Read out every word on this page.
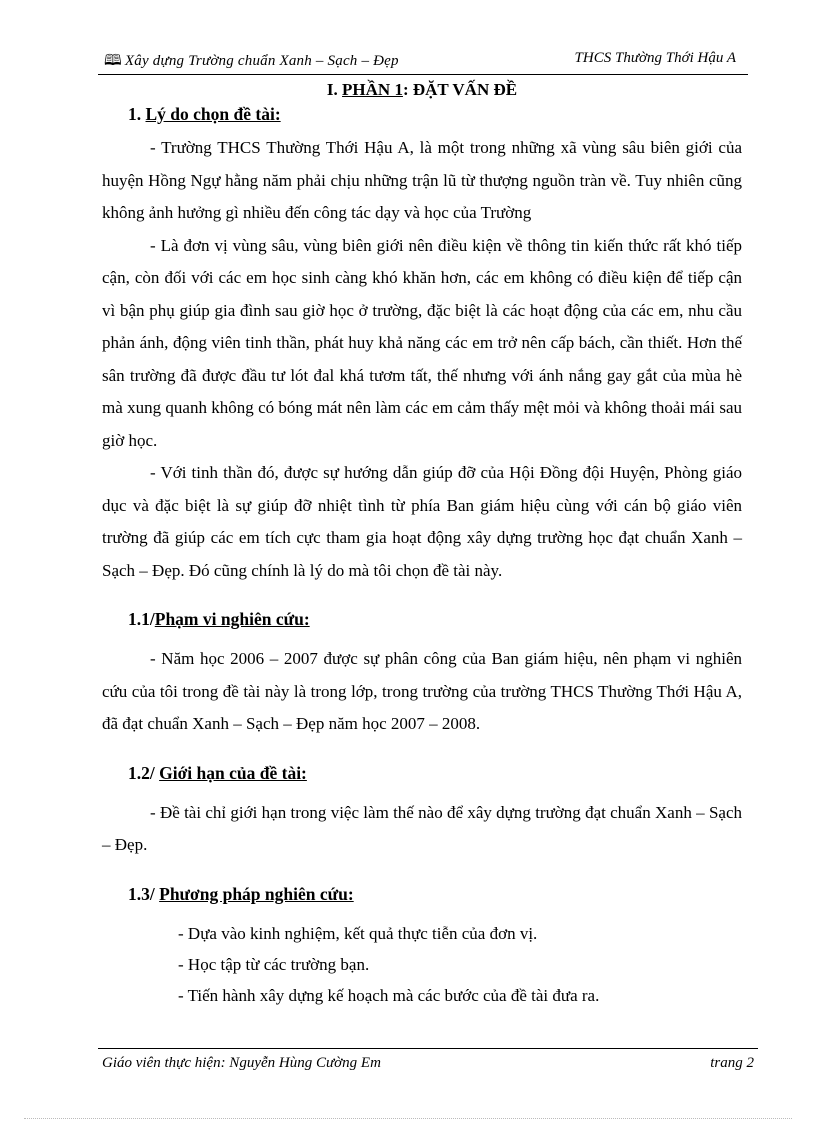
🕮 Xây dựng Trường chuẩn Xanh – Sạch – Đẹp	THCS Thường Thới Hậu A

I. PHẦN 1: ĐẶT VẤN ĐỀ

1. Lý do chọn đề tài:

- Trường THCS Thường Thới Hậu A, là một trong những xã vùng sâu biên giới của huyện Hồng Ngự hằng năm phải chịu những trận lũ từ thượng nguồn tràn về. Tuy nhiên cũng không ảnh hưởng gì nhiều đến công tác dạy và học của Trường

- Là đơn vị vùng sâu, vùng biên giới nên điều kiện về thông tin kiến thức rất khó tiếp cận, còn đối với các em học sinh càng khó khăn hơn, các em không có điều kiện để tiếp cận vì bận phụ giúp gia đình sau giờ học ở trường, đặc biệt là các hoạt động của các em, nhu cầu phản ánh, động viên tinh thần, phát huy khả năng các em trở nên cấp bách, cần thiết. Hơn thế sân trường đã được đầu tư lót đal khá tươm tất, thế nhưng với ánh nắng gay gắt của mùa hè mà xung quanh không có bóng mát nên làm các em cảm thấy mệt mỏi và không thoải mái sau giờ học.

- Với tinh thần đó, được sự hướng dẫn giúp đỡ của Hội Đồng đội Huyện, Phòng giáo dục và đặc biệt là sự giúp đỡ nhiệt tình từ phía Ban giám hiệu cùng với cán bộ giáo viên trường đã giúp các em tích cực tham gia hoạt động xây dựng trường học đạt chuẩn Xanh – Sạch – Đẹp. Đó cũng chính là lý do mà tôi chọn đề tài này.

1.1/Phạm vi nghiên cứu:

- Năm học 2006 – 2007 được sự phân công của Ban giám hiệu, nên phạm vi nghiên cứu của tôi trong đề tài này là trong lớp, trong trường của trường THCS Thường Thới Hậu A, đã đạt chuẩn Xanh – Sạch – Đẹp năm học 2007 – 2008.

1.2/ Giới hạn của đề tài:

- Đề tài chỉ giới hạn trong việc làm thế nào để xây dựng trường đạt chuẩn Xanh – Sạch – Đẹp.

1.3/ Phương pháp nghiên cứu:

- Dựa vào kinh nghiệm, kết quả thực tiễn của đơn vị.

- Học tập từ các trường bạn.

- Tiến hành xây dựng kế hoạch mà các bước của đề tài đưa ra.

Giáo viên thực hiện: Nguyễn Hùng Cường Em	trang 2
